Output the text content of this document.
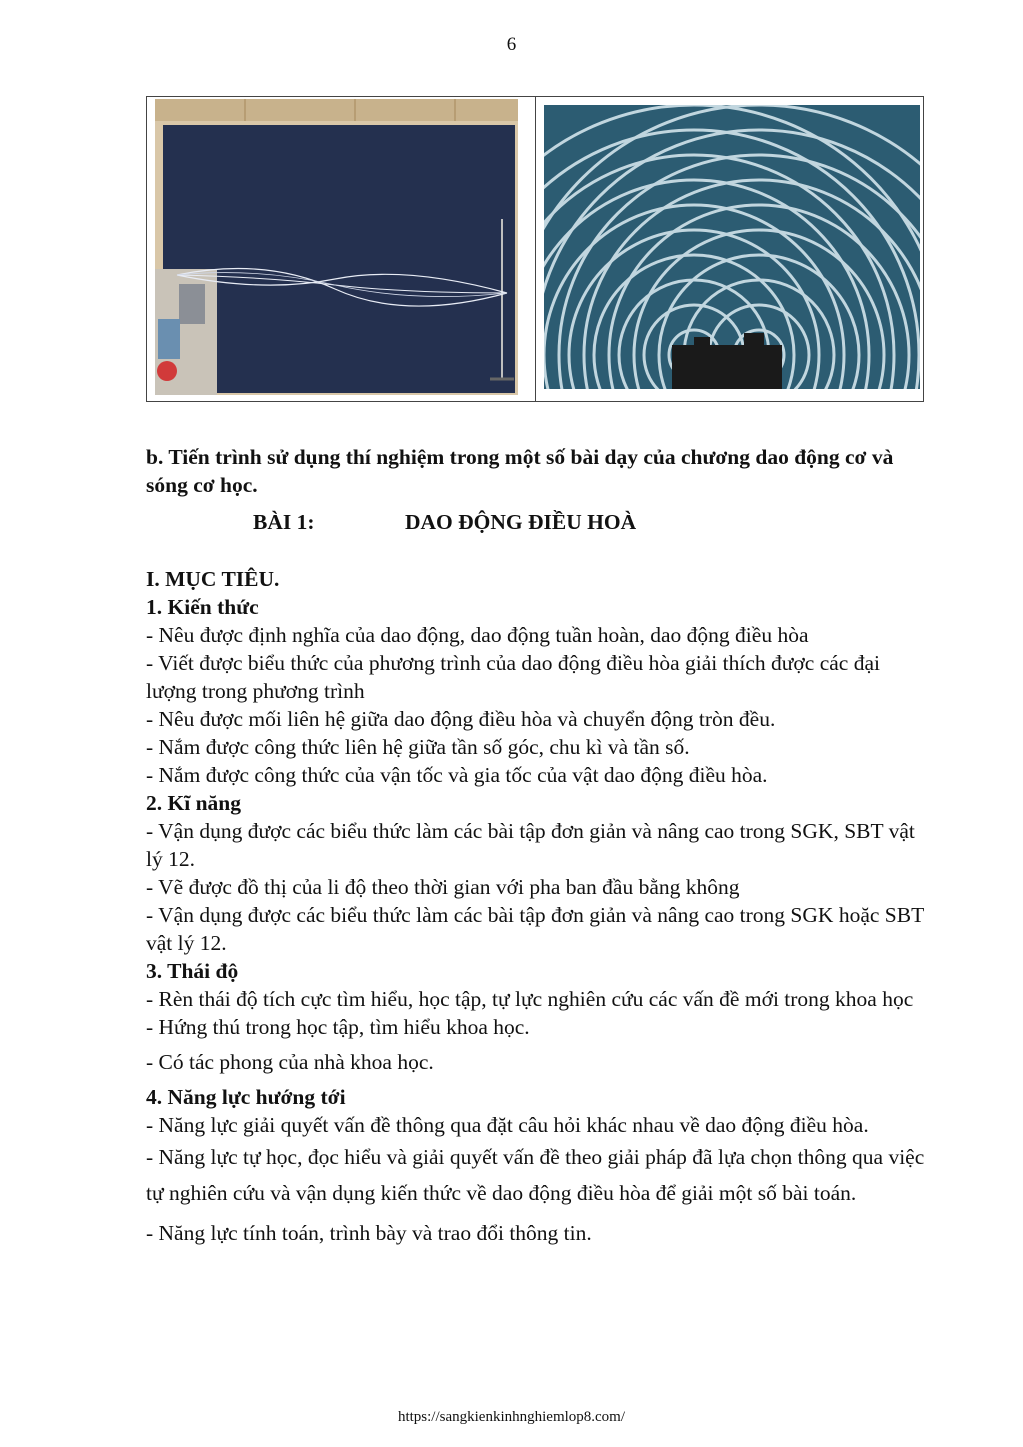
6
b. Tiến trình sử dụng thí nghiệm trong một số bài dạy của chương dao động cơ và sóng cơ học.
BÀI 1:	DAO ĐỘNG ĐIỀU HOÀ

I. MỤC TIÊU.

1. Kiến thức

- Nêu được định nghĩa của dao động, dao động tuần hoàn, dao động điều hòa

- Viết được biểu thức của phương trình của dao động điều hòa giải thích được các đại lượng trong phương trình

- Nêu được mối liên hệ giữa dao động điều hòa và chuyển động tròn đều.

- Nắm được công thức liên hệ giữa tần số góc, chu kì và tần số.

- Nắm được công thức của vận tốc và gia tốc của vật dao động điều hòa.

2. Kĩ năng

- Vận dụng được các biểu thức làm các bài tập đơn giản và nâng cao trong SGK, SBT vật lý 12.

- Vẽ được đồ thị của li độ theo thời gian với pha ban đầu bằng không

- Vận dụng được các biểu thức làm các bài tập đơn giản và nâng cao trong SGK hoặc SBT vật lý 12.

3. Thái độ

- Rèn thái độ tích cực tìm hiểu, học tập, tự lực nghiên cứu các vấn đề mới trong khoa học

- Hứng thú trong học tập, tìm hiểu khoa học.

- Có tác phong của nhà khoa học.

4. Năng lực hướng tới

- Năng lực giải quyết vấn đề thông qua đặt câu hỏi khác nhau về dao động điều hòa.

- Năng lực tự học, đọc hiểu và giải quyết vấn đề theo giải pháp đã lựa chọn thông qua việc tự nghiên cứu và vận dụng kiến thức về dao động điều hòa để giải một số bài toán.

- Năng lực tính toán, trình bày và trao đổi thông tin.

https://sangkienkinhnghiemlop8.com/
